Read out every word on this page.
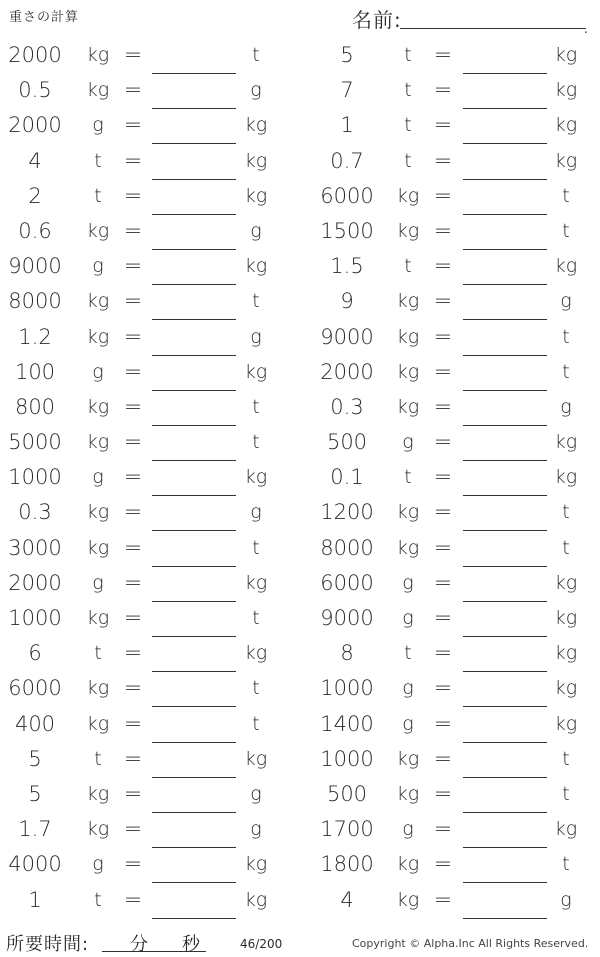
重さの計算	名前:	.
2000	kg =	t	5	t	=	kg
0.5	kg =	g	7	t	=	kg
2000	g =	kg	1	t	=	kg
4	t	=	kg	0.7	t	=	kg
2	t	=	kg	6000	kg =	t
0.6	kg =	g	1500	kg =	t
9000	g =	kg	1.5	t	=	kg
8000	kg =	t	9	kg =	g
1.2	kg =	g	9000	kg =	t
100	g =	kg	2000	kg =	t
800	kg =	t	0.3	kg =	g
5000	kg =	t	500	g =	kg
1000	g =	kg	0.1	t	=	kg
0.3	kg =	g	1200	kg =	t
3000	kg =	t	8000	kg =	t
2000	g =	kg	6000	g =	kg
1000	kg =	t	9000	g =	kg
6	t	=	kg	8	t	=	kg
6000	kg =	t	1000	g =	kg
400	kg =	t	1400	g =	kg
5	t	=	kg	1000	kg =	t
5	kg =	g	500	kg =	t
1.7	kg =	g	1700	g =	kg
4000	g =	kg	1800	kg =	t
1	t	=	kg	4	kg =	g
所要時間: 分 秒	46/200	Copyright © Alpha.Inc All Rights Reserved.
